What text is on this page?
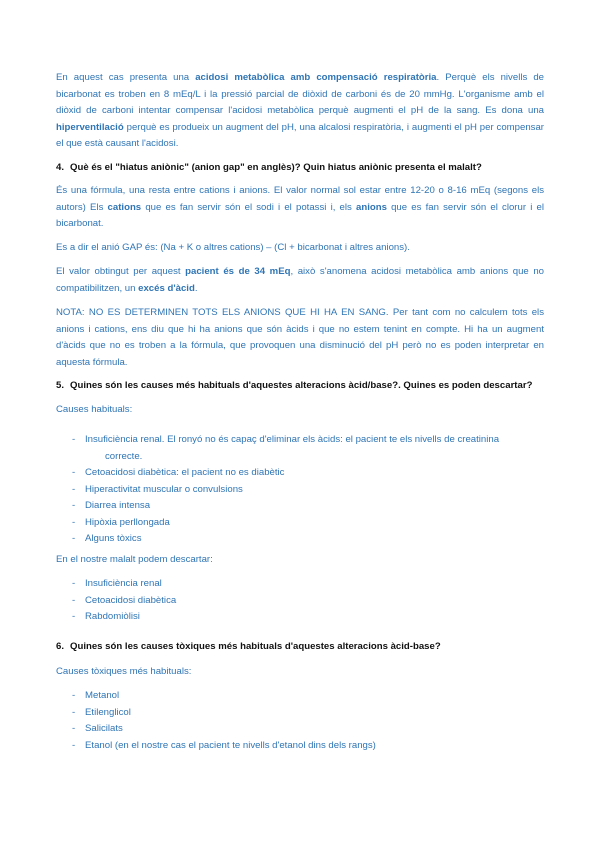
En aquest cas presenta una acidosi metabòlica amb compensació respiratòria. Perquè els nivells de bicarbonat es troben en 8 mEq/L i la pressió parcial de diòxid de carboni és de 20 mmHg. L'organisme amb el diòxid de carboni intentar compensar l'acidosi metabòlica perquè augmenti el pH de la sang. Es dona una hiperventilació perquè es produeix un augment del pH, una alcalosi respiratòria, i augmenti el pH per compensar el que està causant l'acidosi.

4. Què és el "hiatus aniònic" (anion gap" en anglès)? Quin hiatus aniònic presenta el malalt?

És una fórmula, una resta entre cations i anions. El valor normal sol estar entre 12-20 o 8-16 mEq (segons els autors) Els cations que es fan servir són el sodi i el potassi i, els anions que es fan servir són el clorur i el bicarbonat.

Es a dir el anió GAP és: (Na + K o altres cations) – (Cl + bicarbonat i altres anions).

El valor obtingut per aquest pacient és de 34 mEq, això s'anomena acidosi metabòlica amb anions que no compatibilitzen, un excés d'àcid.

NOTA: NO ES DETERMINEN TOTS ELS ANIONS QUE HI HA EN SANG. Per tant com no calculem tots els anions i cations, ens diu que hi ha anions que són àcids i que no estem tenint en compte. Hi ha un augment d'àcids que no es troben a la fórmula, que provoquen una disminució del pH però no es poden interpretar en aquesta fórmula.

5. Quines són les causes més habituals d'aquestes alteracions àcid/base?. Quines es poden descartar?

Causes habituals:

- Insuficiència renal. El ronyó no és capaç d'eliminar els àcids: el pacient te els nivells de creatinina
correcte.
- Cetoacidosi diabètica: el pacient no es diabètic
- Hiperactivitat muscular o convulsions
- Diarrea intensa
- Hipòxia perllongada
- Alguns tòxics

En el nostre malalt podem descartar:

- Insuficiència renal
- Cetoacidosi diabètica
- Rabdomiòlisi

6. Quines són les causes tòxiques més habituals d'aquestes alteracions àcid-base?

Causes tòxiques més habituals:

- Metanol
- Etilenglicol
- Salicilats
- Etanol (en el nostre cas el pacient te nivells d'etanol dins dels rangs)
